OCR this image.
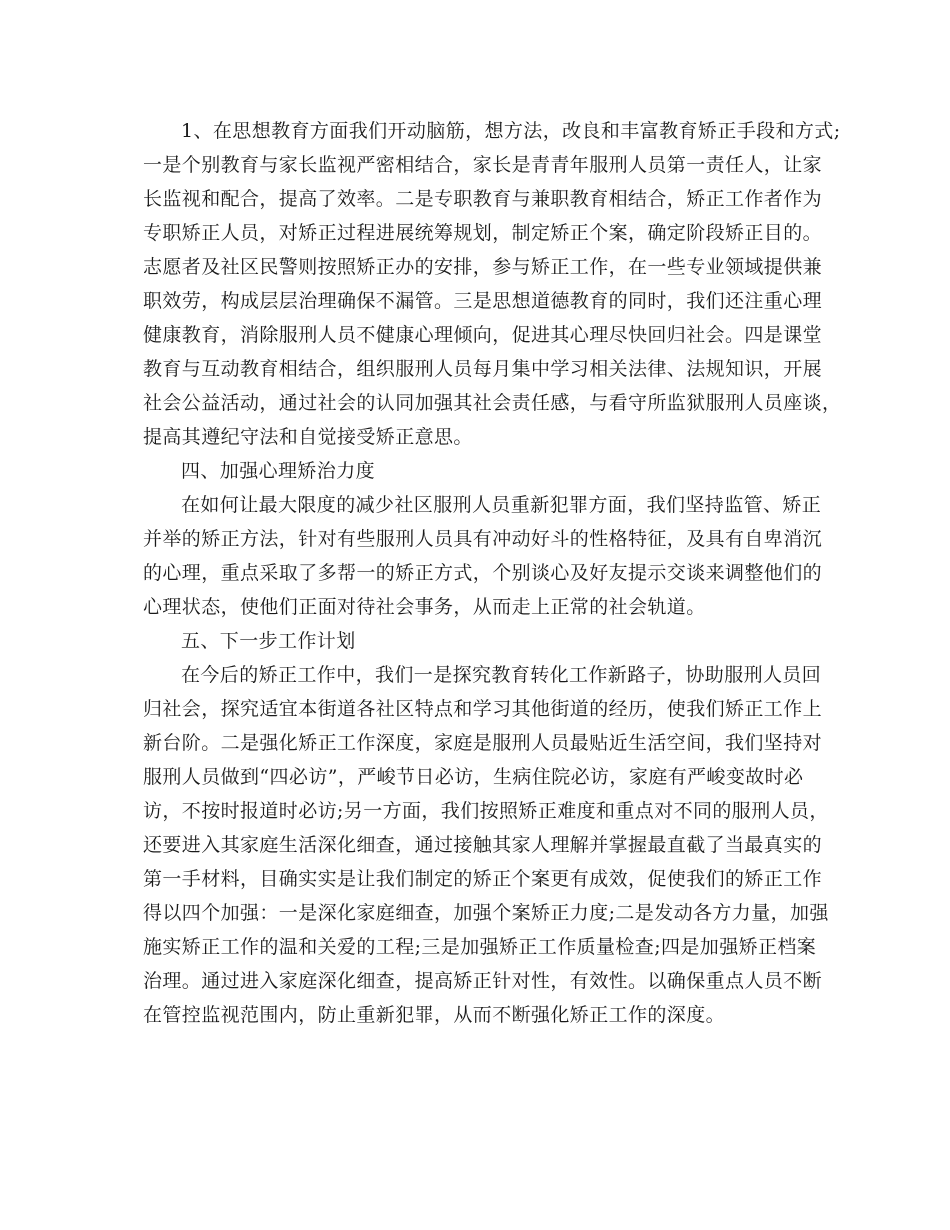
1、在思想教育方面我们开动脑筋，想方法，改良和丰富教育矫正手段和方式;
一是个别教育与家长监视严密相结合，家长是青青年服刑人员第一责任人，让家
长监视和配合，提高了效率。二是专职教育与兼职教育相结合，矫正工作者作为
专职矫正人员，对矫正过程进展统筹规划，制定矫正个案，确定阶段矫正目的。
志愿者及社区民警则按照矫正办的安排，参与矫正工作，在一些专业领域提供兼
职效劳，构成层层治理确保不漏管。三是思想道德教育的同时，我们还注重心理
健康教育，消除服刑人员不健康心理倾向，促进其心理尽快回归社会。四是课堂
教育与互动教育相结合，组织服刑人员每月集中学习相关法律、法规知识，开展
社会公益活动，通过社会的认同加强其社会责任感，与看守所监狱服刑人员座谈，
提高其遵纪守法和自觉接受矫正意思。
四、加强心理矫治力度
在如何让最大限度的减少社区服刑人员重新犯罪方面，我们坚持监管、矫正
并举的矫正方法，针对有些服刑人员具有冲动好斗的性格特征，及具有自卑消沉
的心理，重点采取了多帮一的矫正方式，个别谈心及好友提示交谈来调整他们的
心理状态，使他们正面对待社会事务，从而走上正常的社会轨道。
五、下一步工作计划
在今后的矫正工作中，我们一是探究教育转化工作新路子，协助服刑人员回
归社会，探究适宜本街道各社区特点和学习其他街道的经历，使我们矫正工作上
新台阶。二是强化矫正工作深度，家庭是服刑人员最贴近生活空间，我们坚持对
服刑人员做到“四必访”，严峻节日必访，生病住院必访，家庭有严峻变故时必
访，不按时报道时必访;另一方面，我们按照矫正难度和重点对不同的服刑人员，
还要进入其家庭生活深化细查，通过接触其家人理解并掌握最直截了当最真实的
第一手材料，目确实实是让我们制定的矫正个案更有成效，促使我们的矫正工作
得以四个加强：一是深化家庭细查，加强个案矫正力度;二是发动各方力量，加强
施实矫正工作的温和关爱的工程;三是加强矫正工作质量检查;四是加强矫正档案
治理。通过进入家庭深化细查，提高矫正针对性，有效性。以确保重点人员不断
在管控监视范围内，防止重新犯罪，从而不断强化矫正工作的深度。
